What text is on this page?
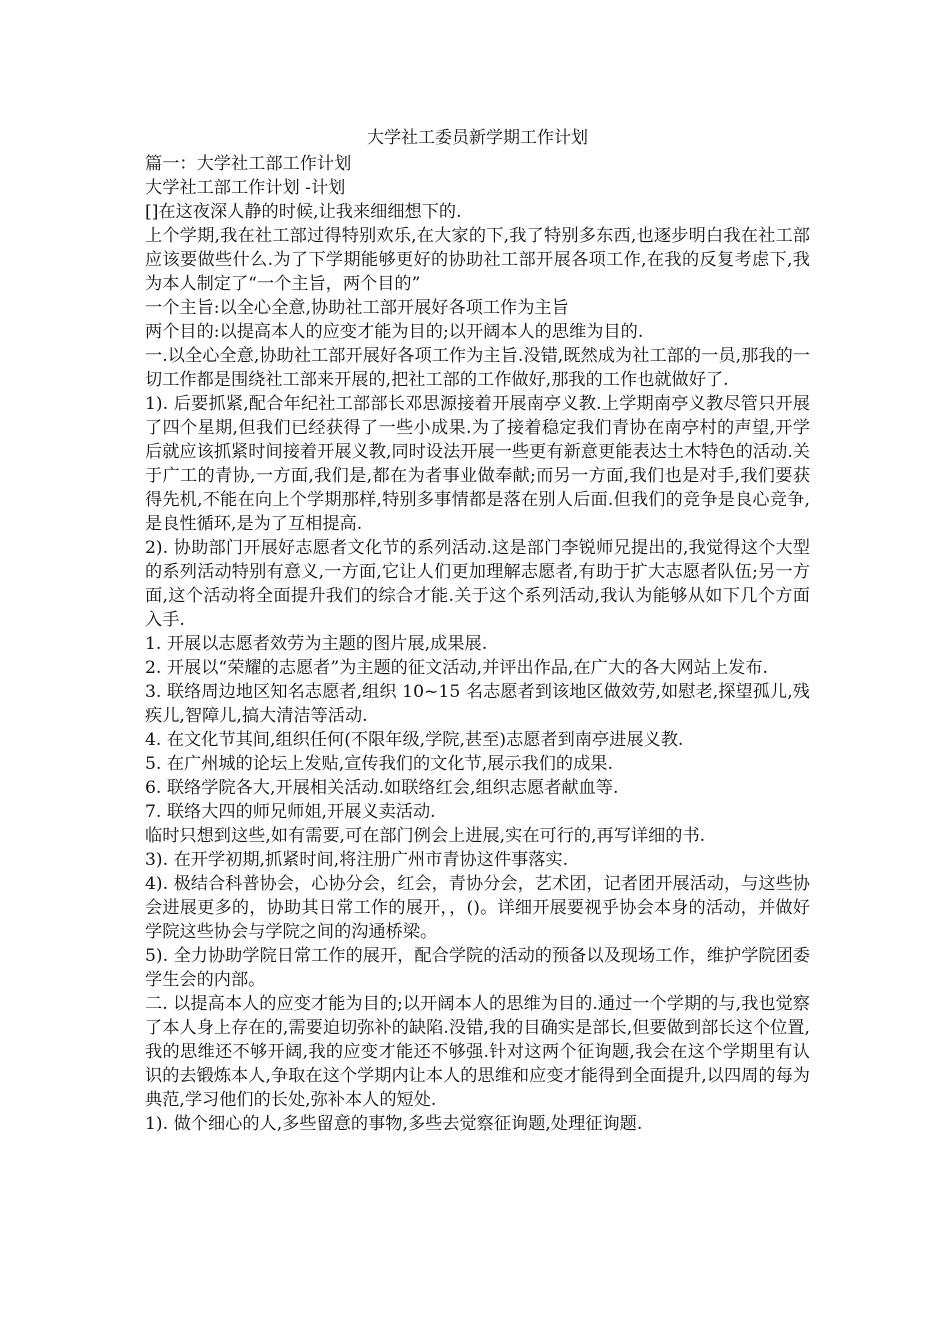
大学社工委员新学期工作计划

篇一：大学社工部工作计划

大学社工部工作计划 -计划

[]在这夜深人静的时候,让我来细细想下的.

上个学期,我在社工部过得特别欢乐,在大家的下,我了特别多东西,也逐步明白我在社工部应该要做些什么.为了下学期能够更好的协助社工部开展各项工作,在我的反复考虑下,我为本人制定了“一个主旨，两个目的”

一个主旨:以全心全意,协助社工部开展好各项工作为主旨

两个目的:以提高本人的应变才能为目的;以开阔本人的思维为目的.

一.以全心全意,协助社工部开展好各项工作为主旨.没错,既然成为社工部的一员,那我的一切工作都是围绕社工部来开展的,把社工部的工作做好,那我的工作也就做好了.

1). 后要抓紧,配合年纪社工部部长邓思源接着开展南亭义教.上学期南亭义教尽管只开展了四个星期,但我们已经获得了一些小成果.为了接着稳定我们青协在南亭村的声望,开学后就应该抓紧时间接着开展义教,同时设法开展一些更有新意更能表达土木特色的活动.关于广工的青协,一方面,我们是,都在为者事业做奉献;而另一方面,我们也是对手,我们要获得先机,不能在向上个学期那样,特别多事情都是落在别人后面.但我们的竞争是良心竞争,是良性循环,是为了互相提高.

2). 协助部门开展好志愿者文化节的系列活动.这是部门李锐师兄提出的,我觉得这个大型的系列活动特别有意义,一方面,它让人们更加理解志愿者,有助于扩大志愿者队伍;另一方面,这个活动将全面提升我们的综合才能.关于这个系列活动,我认为能够从如下几个方面入手.

1. 开展以志愿者效劳为主题的图片展,成果展.

2. 开展以“荣耀的志愿者”为主题的征文活动,并评出作品,在广大的各大网站上发布.

3. 联络周边地区知名志愿者,组织 10~15 名志愿者到该地区做效劳,如慰老,探望孤儿,残疾儿,智障儿,搞大清洁等活动.

4. 在文化节其间,组织任何(不限年级,学院,甚至)志愿者到南亭进展义教.

5. 在广州城的论坛上发贴,宣传我们的文化节,展示我们的成果.

6. 联络学院各大,开展相关活动.如联络红会,组织志愿者献血等.

7. 联络大四的师兄师姐,开展义卖活动.

临时只想到这些,如有需要,可在部门例会上进展,实在可行的,再写详细的书.

3). 在开学初期,抓紧时间,将注册广州市青协这件事落实.

4). 极结合科普协会，心协分会，红会，青协分会，艺术团，记者团开展活动，与这些协会进展更多的，协助其日常工作的展开，，()。详细开展要视乎协会本身的活动，并做好学院这些协会与学院之间的沟通桥梁。

5). 全力协助学院日常工作的展开，配合学院的活动的预备以及现场工作，维护学院团委学生会的内部。

二. 以提高本人的应变才能为目的;以开阔本人的思维为目的.通过一个学期的与,我也觉察了本人身上存在的,需要迫切弥补的缺陷.没错,我的目确实是部长,但要做到部长这个位置,我的思维还不够开阔,我的应变才能还不够强.针对这两个征询题,我会在这个学期里有认识的去锻炼本人,争取在这个学期内让本人的思维和应变才能得到全面提升,以四周的每为典范,学习他们的长处,弥补本人的短处.

1). 做个细心的人,多些留意的事物,多些去觉察征询题,处理征询题.
